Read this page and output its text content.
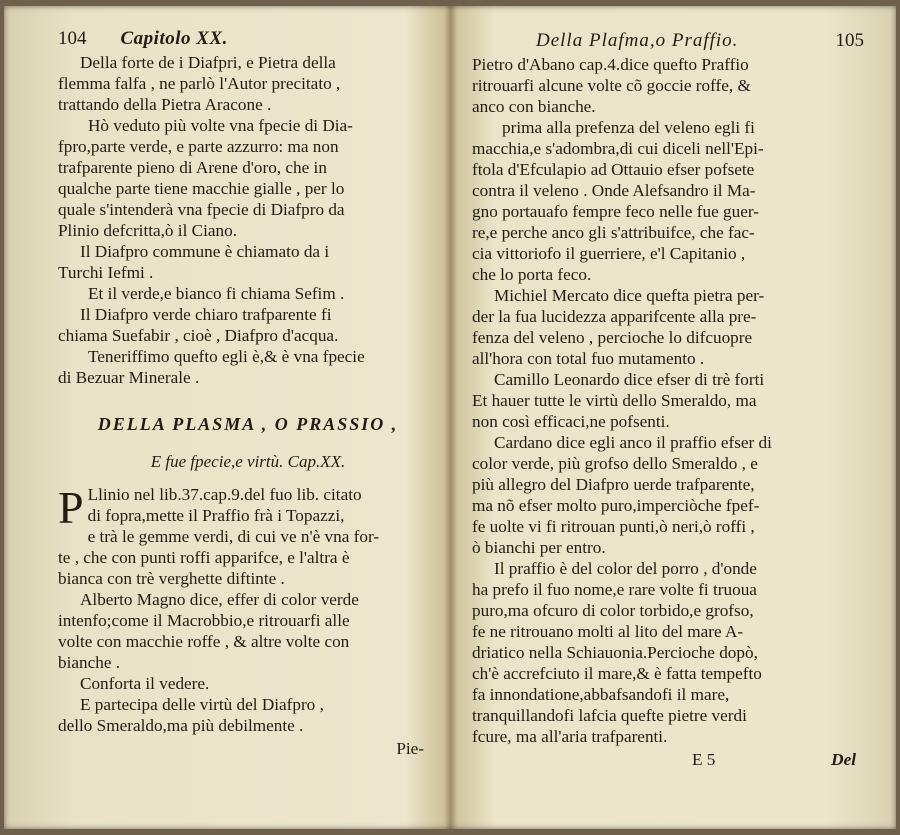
104 Capitolo XX.
Della forte de i Diafpri, e Pietra della
flemma falfa , ne parlò l'Autor precitato ,
trattando della Pietra Aracone .
Hò veduto più volte vna fpecie di Dia-
fpro,parte verde, e parte azzurro: ma non
trafparente pieno di Arene d'oro, che in
qualche parte tiene macchie gialle , per lo
quale s'intenderà vna fpecie di Diafpro da
Plinio defcritta,ò il Ciano.
Il Diafpro commune è chiamato da i
Turchi Iefmi .
Et il verde,e bianco fi chiama Sefim .
Il Diafpro verde chiaro trafparente fi
chiama Suefabir , cioè , Diafpro d'acqua.
Teneriffimo quefto egli è,& è vna fpecie
di Bezuar Minerale .
DELLA PLASMA , O PRASSIO ,
E fue fpecie,e virtù. Cap.XX.
P Llinio nel lib.37.cap.9.del fuo lib. citato
di fopra,mette il Praffio frà i Topazzi,
e trà le gemme verdi, di cui ve n'è vna for-
te , che con punti roffi apparifce, e l'altra è
bianca con trè verghette diftinte .
Alberto Magno dice, effer di color verde
intenfo;come il Macrobbio,e ritrouarfi alle
volte con macchie roffe , & altre volte con
bianche .
Conforta il vedere.
E partecipa delle virtù del Diafpro ,
dello Smeraldo,ma più debilmente .
Pie-
Della Plafma,o Praffio.	105
Pietro d'Abano cap.4.dice quefto Praffio
ritrouarfi alcune volte cõ goccie roffe, &
anco con bianche.
prima alla prefenza del veleno egli fi
macchia,e s'adombra,di cui diceli nell'Epi-
ftola d'Efculapio ad Ottauio efser pofsete
contra il veleno . Onde Alefsandro il Ma-
gno portauafo fempre feco nelle fue guer-
re,e perche anco gli s'attribuifce, che fac-
cia vittoriofo il guerriere, e'l Capitanio ,
che lo porta feco.
Michiel Mercato dice quefta pietra per-
der la fua lucidezza apparifcente alla pre-
fenza del veleno , percioche lo difcuopre
all'hora con total fuo mutamento .
Camillo Leonardo dice efser di trè forti
Et hauer tutte le virtù dello Smeraldo, ma
non così efficaci,ne pofsenti.
Cardano dice egli anco il praffio efser di
color verde, più grofso dello Smeraldo , e
più allegro del Diafpro uerde trafparente,
ma nõ efser molto puro,imperciòche fpef-
fe uolte vi fi ritrouan punti,ò neri,ò roffi ,
ò bianchi per entro.
Il praffio è del color del porro , d'onde
ha prefo il fuo nome,e rare volte fi truoua
puro,ma ofcuro di color torbido,e grofso,
fe ne ritrouano molti al lito del mare A-
driatico nella Schiauonia.Percioche dopò,
ch'è accrefciuto il mare,& è fatta tempefto
fa innondatione,abbafsandofi il mare,
tranquillandofi lafcia quefte pietre verdi
fcure, ma all'aria trafparenti.
E 5	Del
